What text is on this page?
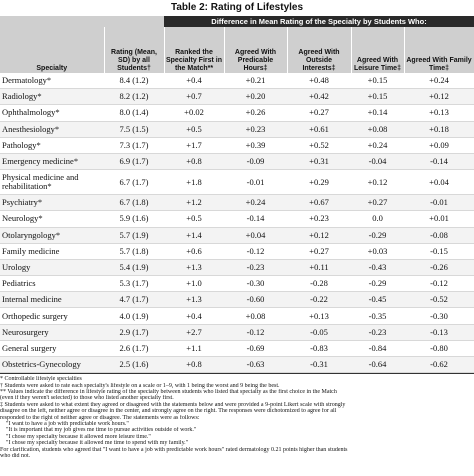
Table 2: Rating of Lifestyles
		Difference in Mean Rating of the Specialty by Students Who:				
Specialty	Rating (Mean, SD) by all Students†	Ranked the Specialty First in the Match**	Agreed With Predicable Hours‡	Agreed With Outside Interests‡	Agreed With Leisure Time‡	Agreed With Family Time‡
Dermatology*	8.4 (1.2)	+0.4	+0.21	+0.48	+0.15	+0.24
Radiology*	8.2 (1.2)	+0.7	+0.20	+0.42	+0.15	+0.12
Ophthalmology*	8.0 (1.4)	+0.02	+0.26	+0.27	+0.14	+0.13
Anesthesiology*	7.5 (1.5)	+0.5	+0.23	+0.61	+0.08	+0.18
Pathology*	7.3 (1.7)	+1.7	+0.39	+0.52	+0.24	+0.09
Emergency medicine*	6.9 (1.7)	+0.8	-0.09	+0.31	-0.04	-0.14
Physical medicine and rehabilitation*	6.7 (1.7)	+1.8	-0.01	+0.29	+0.12	+0.04
Psychiatry*	6.7 (1.8)	+1.2	+0.24	+0.67	+0.27	-0.01
Neurology*	5.9 (1.6)	+0.5	-0.14	+0.23	0.0	+0.01
Otolaryngology*	5.7 (1.9)	+1.4	+0.04	+0.12	-0.29	-0.08
Family medicine	5.7 (1.8)	+0.6	-0.12	+0.27	+0.03	-0.15
Urology	5.4 (1.9)	+1.3	-0.23	+0.11	-0.43	-0.26
Pediatrics	5.3 (1.7)	+1.0	-0.30	-0.28	-0.29	-0.12
Internal medicine	4.7 (1.7)	+1.3	-0.60	-0.22	-0.45	-0.52
Orthopedic surgery	4.0 (1.9)	+0.4	+0.08	+0.13	-0.35	-0.30
Neurosurgery	2.9 (1.7)	+2.7	-0.12	-0.05	-0.23	-0.13
General surgery	2.6 (1.7)	+1.1	-0.69	-0.83	-0.84	-0.80
Obstetrics-Gynecology	2.5 (1.6)	+0.8	-0.63	-0.31	-0.64	-0.62
* Controllable lifestyle specialties
† Students were asked to rate each specialty's lifestyle on a scale or 1–9, with 1 being the worst and 9 being the best.
** Values indicate the difference in lifestyle rating of the specialty between students who listed that specialty as the first choice in the Match
(even if they weren't selected) to those who listed another specialty first.
‡ Students were asked to what extent they agreed or disagreed with the statements below and were provided a 9-point Likert scale with strongly
disagree on the left, neither agree or disagree in the center, and strongly agree on the right. The responses were dichotomized to agree for all
responded to the right of neither agree or disagree. The statements were as follows:
"I want to have a job with predictable work hours."
"It is important that my job gives me time to pursue activities outside of work."
"I chose my specialty because it allowed more leisure time."
"I chose my specialty because it allowed me time to spend with my family."
For clarification, students who agreed that "I want to have a job with predictable work hours" rated dermatology 0.21 points higher than students
who did not.
